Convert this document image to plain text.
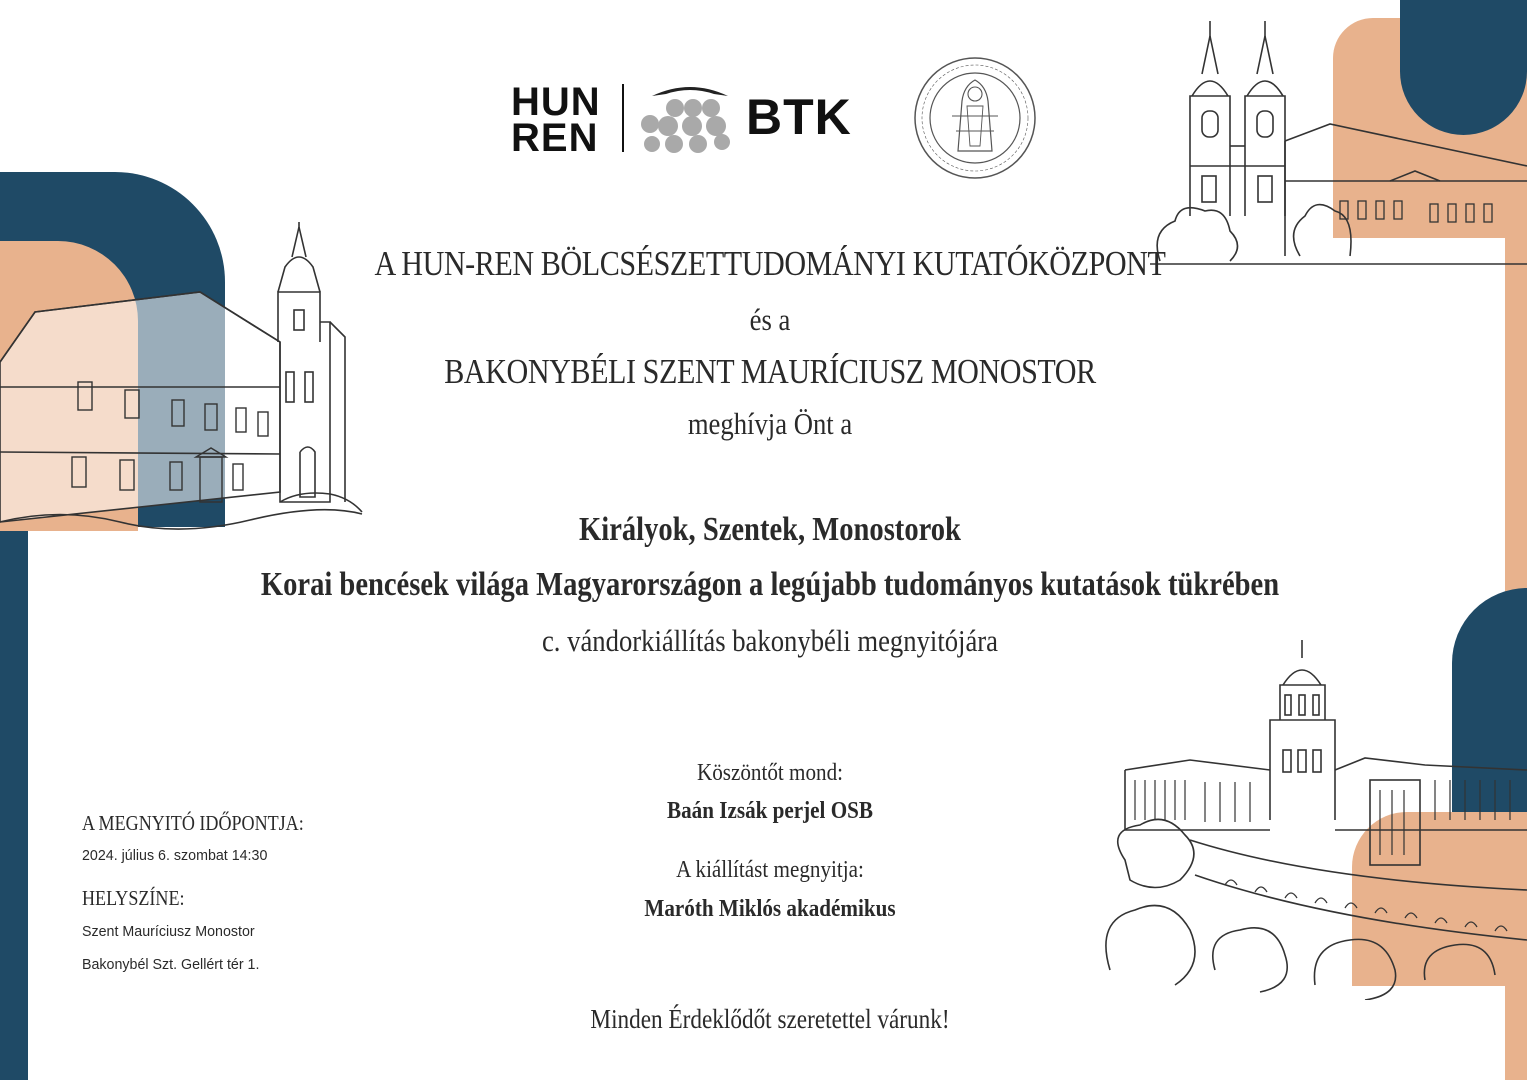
HUN
REN	BTK
A HUN-REN BÖLCSÉSZETTUDOMÁNYI KUTATÓKÖZPONT
és a
BAKONYBÉLI SZENT MAURÍCIUSZ MONOSTOR
meghívja Önt a
Királyok, Szentek, Monostorok
Korai bencések világa Magyarországon a legújabb tudományos kutatások tükrében
c. vándorkiállítás bakonybéli megnyitójára
Köszöntőt mond:
Baán Izsák perjel OSB
A kiállítást megnyitja:
Maróth Miklós akadémikus
A MEGNYITÓ IDŐPONTJA:
2024. július 6. szombat 14:30
HELYSZÍNE:
Szent Mauríciusz Monostor
Bakonybél Szt. Gellért tér 1.
Minden Érdeklődőt szeretettel várunk!
